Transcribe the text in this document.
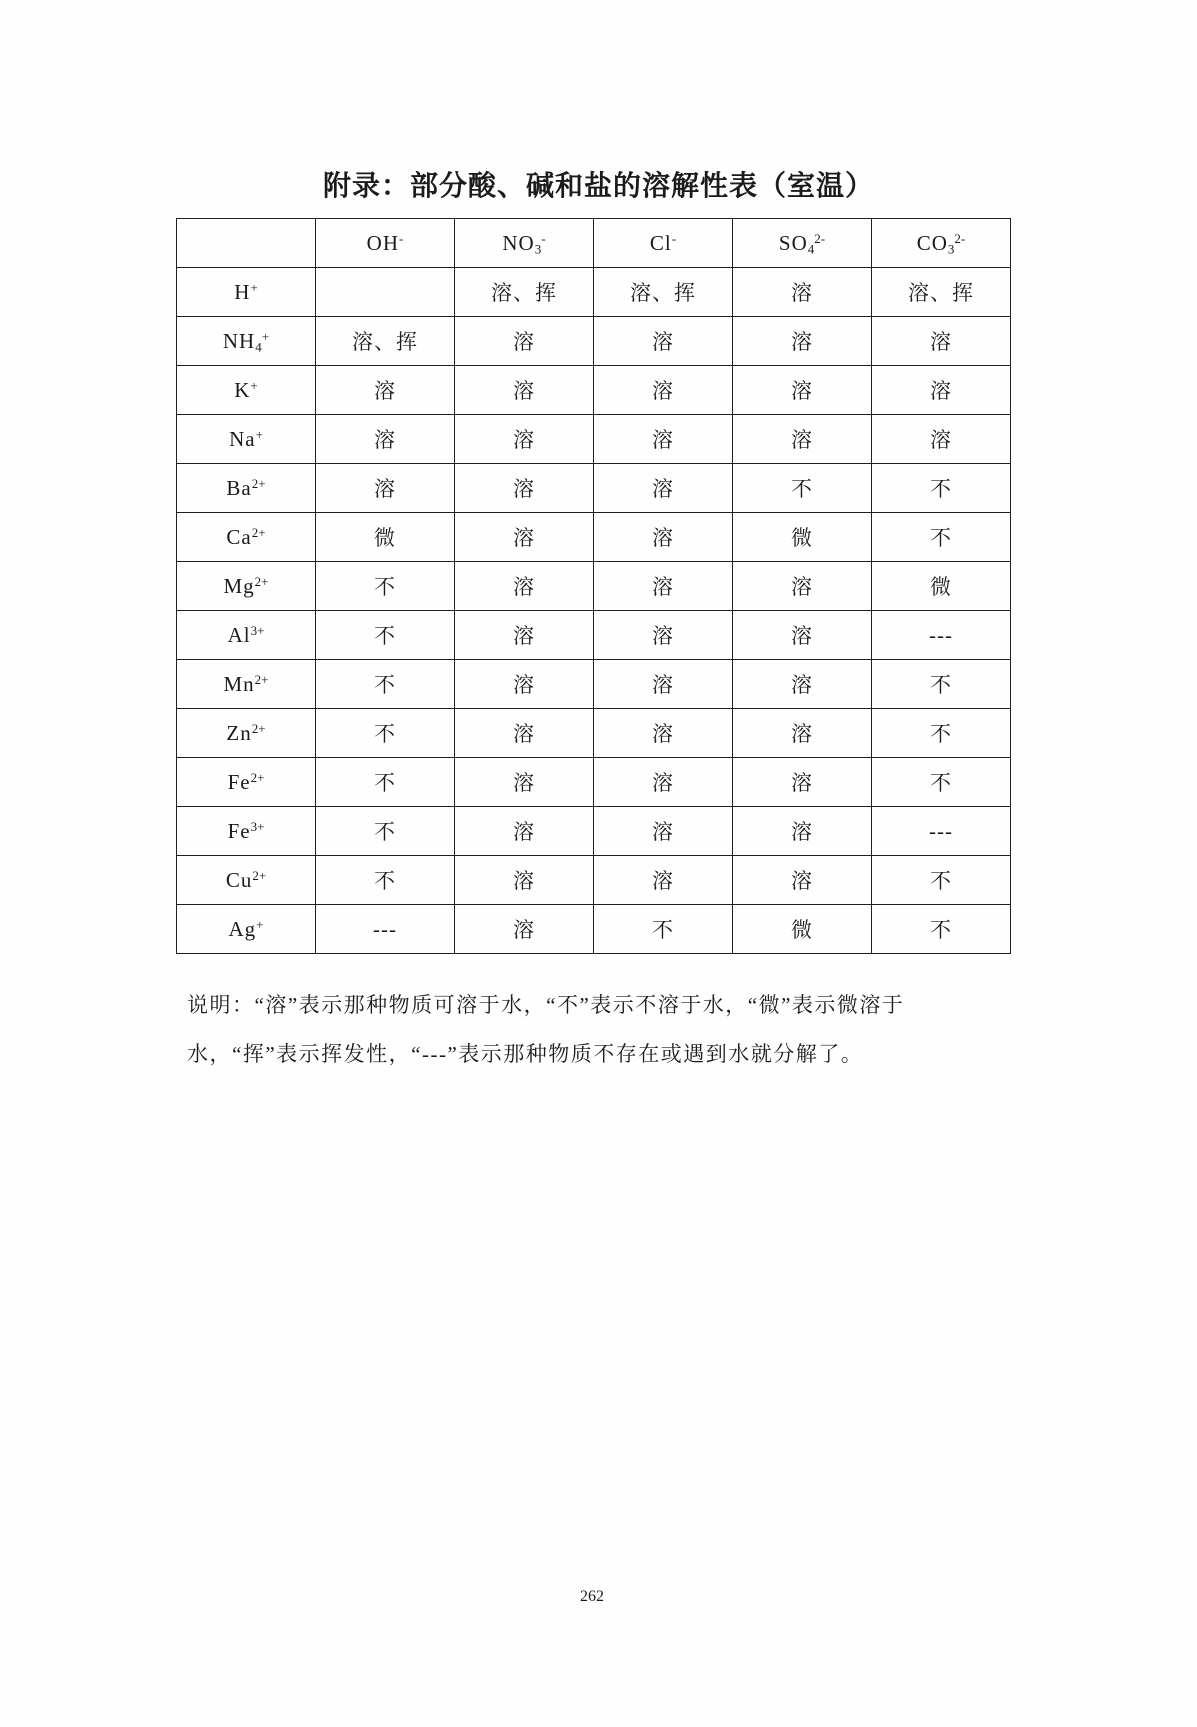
附录：部分酸、碱和盐的溶解性表（室温）
	OH-	$NO_3^-$	Cl-	$SO_4^{2-}$	$CO_3^{2-}$
H+		溶、挥	溶、挥	溶	溶、挥
$NH_4^+$	溶、挥	溶	溶	溶	溶
K+	溶	溶	溶	溶	溶
Na+	溶	溶	溶	溶	溶
$Ba^{2+}$	溶	溶	溶	不	不
$Ca^{2+}$	微	溶	溶	微	不
$Mg^{2+}$	不	溶	溶	溶	微
$Al^{3+}$	不	溶	溶	溶	---
$Mn^{2+}$	不	溶	溶	溶	不
$Zn^{2+}$	不	溶	溶	溶	不
$Fe^{2+}$	不	溶	溶	溶	不
$Fe^{3+}$	不	溶	溶	溶	---
$Cu^{2+}$	不	溶	溶	溶	不
Ag+	---	溶	不	微	不
说明：“溶”表示那种物质可溶于水，“不”表示不溶于水，“微”表示微溶于
水，“挥”表示挥发性，“---”表示那种物质不存在或遇到水就分解了。
262
